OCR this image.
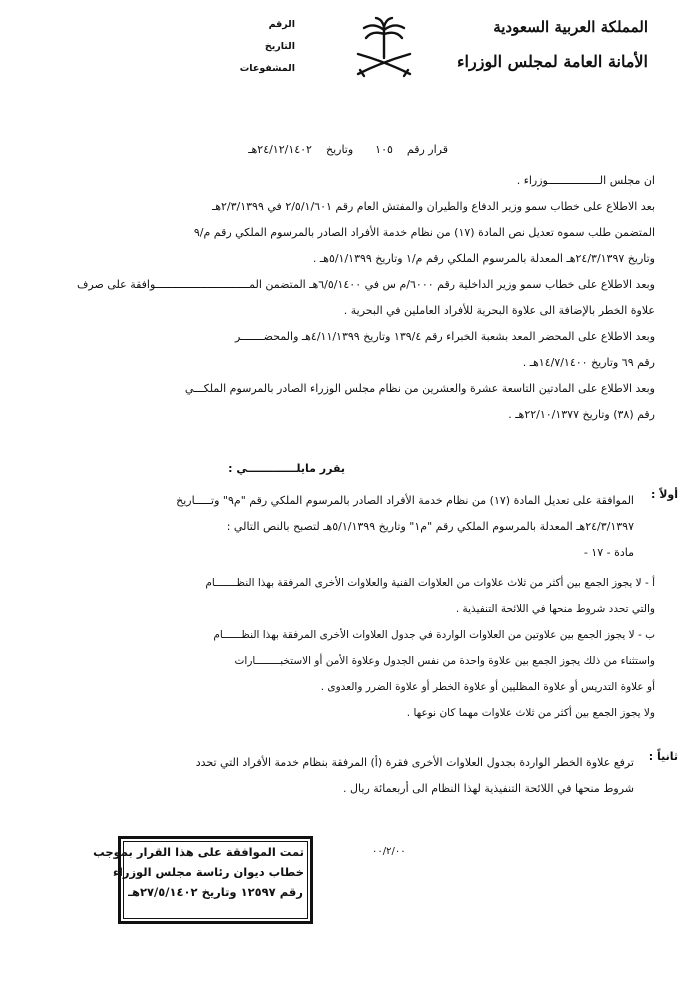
المملكة العربية السعودية
الأمانة العامة لمجلس الوزراء
الرقم
التاريخ
المشفوعات
قرار رقم١٠٥وتاريخ٢٤/١٢/١٤٠٢هـ
ان مجلس الــــــــــــــــوزراء .
بعد الاطلاع على خطاب سمو وزير الدفاع والطيران والمفتش العام رقم ٢/٥/١/٦٠١ في ٢/٣/١٣٩٩هـ
المتضمن طلب سموه تعديل نص المادة (١٧) من نظام خدمة الأفراد الصادر بالمرسوم الملكي رقم م/٩
وتاريخ ٢٤/٣/١٣٩٧هـ المعدلة بالمرسوم الملكي رقم م/١ وتاريخ ٥/١/١٣٩٩هـ .
وبعد الاطلاع على خطاب سمو وزير الداخلية رقم ٦٠٠٠/م س في ٦/٥/١٤٠٠هـ المتضمن المـــــــــــــــــــــــــــــوافقة على صرف علاوة الخطر بالإضافة الى علاوة البحرية للأفراد العاملين في البحرية .
وبعد الاطلاع على المحضر المعد بشعبة الخبراء رقم ١٣٩/٤ وتاريخ ٤/١١/١٣٩٩هـ والمحضـــــــر
رقم ٦٩ وتاريخ ١٤/٧/١٤٠٠هـ .
وبعد الاطلاع على المادتين التاسعة عشرة والعشرين من نظام مجلس الوزراء الصادر بالمرسوم الملكـــي
رقم (٣٨) وتاريخ ٢٢/١٠/١٣٧٧هـ .
يقرر مايلـــــــــــــي :
أولاً :
الموافقة على تعديل المادة (١٧) من نظام خدمة الأفراد الصادر بالمرسوم الملكي رقم "م٩" وتـــــاريخ
٢٤/٣/١٣٩٧هـ المعدلة بالمرسوم الملكي رقم "م١" وتاريخ ٥/١/١٣٩٩هـ لتصبح بالنص التالي :
مادة - ١٧ -
أ - لا يجوز الجمع بين أكثر من ثلاث علاوات من العلاوات الفنية والعلاوات الأخرى المرفقة بهذا النظـــــــام
والتي تحدد شروط منحها في اللائحة التنفيذية .
ب - لا يجوز الجمع بين علاوتين من العلاوات الواردة في جدول العلاوات الأخرى المرفقة بهذا النظــــــام
واستثناء من ذلك يجوز الجمع بين علاوة واحدة من نفس الجدول وعلاوة الأمن أو الاستخبــــــــارات
أو علاوة التدريس أو علاوة المظليين أو علاوة الخطر أو علاوة الضرر والعدوى .
ولا يجوز الجمع بين أكثر من ثلاث علاوات مهما كان نوعها .
ثانياً :
ترفع علاوة الخطر الواردة بجدول العلاوات الأخرى فقرة (أ) المرفقة بنظام خدمة الأفراد التي تحدد
شروط منحها في اللائحة التنفيذية لهذا النظام الى أربعمائة ريال .
٠٠/٢/٠٠
تمت الموافقة على هذا القرار بموجب
خطاب ديوان رئاسة مجلس الوزراء
رقم ١٢٥٩٧ وتاريخ ٢٧/٥/١٤٠٢هـ
